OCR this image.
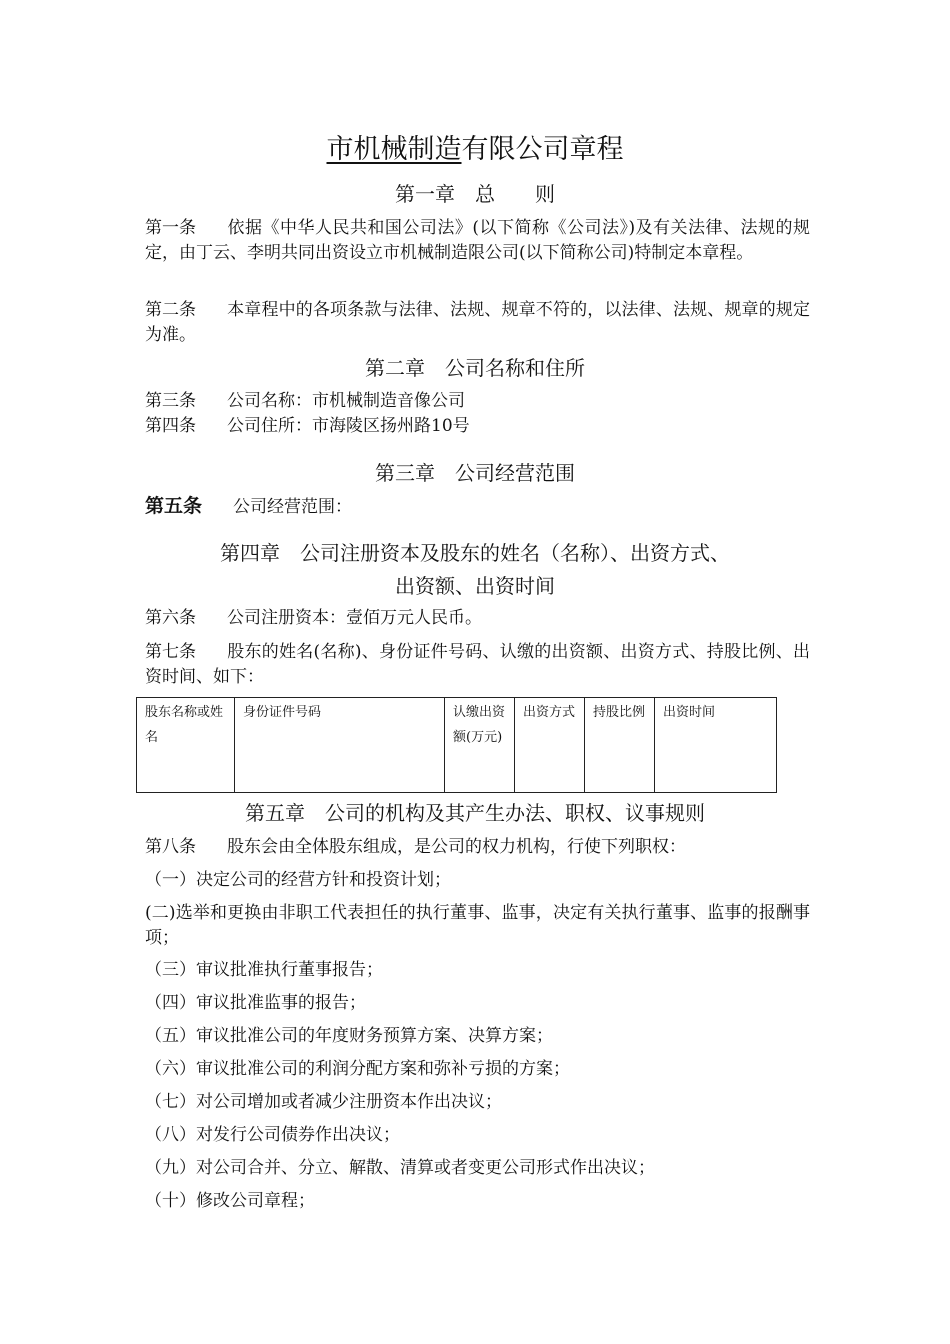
市机械制造有限公司章程
第一章　总　　则

第一条 依据《中华人民共和国公司法》(以下简称《公司法》)及有关法律、法规的规定，由丁云、李明共同出资设立市机械制造限公司(以下简称公司)特制定本章程。

第二条 本章程中的各项条款与法律、法规、规章不符的，以法律、法规、规章的规定为准。

第二章　公司名称和住所

第三条 公司名称：市机械制造音像公司

第四条 公司住所：市海陵区扬州路10号

第三章　公司经营范围

第五条 公司经营范围：

第四章　公司注册资本及股东的姓名（名称）、出资方式、
出资额、出资时间

第六条 公司注册资本：壹佰万元人民币。

第七条 股东的姓名(名称)、身份证件号码、认缴的出资额、出资方式、持股比例、出资时间、如下：

股东名称或姓名	身份证件号码	认缴出资额(万元)	出资方式	持股比例	出资时间
第五章　公司的机构及其产生办法、职权、议事规则

第八条 股东会由全体股东组成，是公司的权力机构，行使下列职权：

（一）决定公司的经营方针和投资计划；

(二)选举和更换由非职工代表担任的执行董事、监事，决定有关执行董事、监事的报酬事项；

（三）审议批准执行董事报告；

（四）审议批准监事的报告；

（五）审议批准公司的年度财务预算方案、决算方案；

（六）审议批准公司的利润分配方案和弥补亏损的方案；

（七）对公司增加或者减少注册资本作出决议；

（八）对发行公司债券作出决议；

（九）对公司合并、分立、解散、清算或者变更公司形式作出决议；

（十）修改公司章程；
